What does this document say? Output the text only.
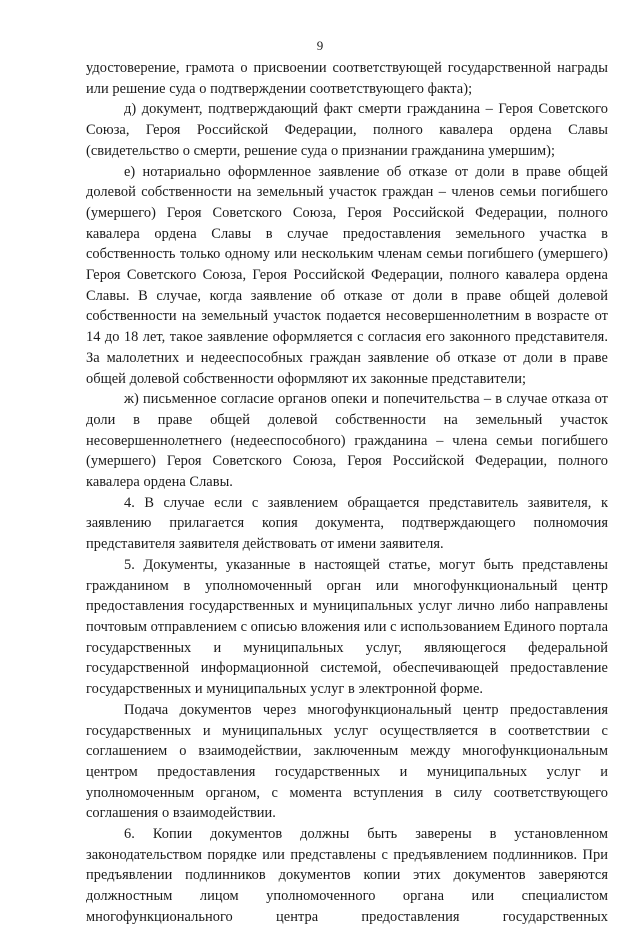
9

удостоверение, грамота о присвоении соответствующей государственной награды или решение суда о подтверждении соответствующего факта);

д) документ, подтверждающий факт смерти гражданина – Героя Советского Союза, Героя Российской Федерации, полного кавалера ордена Славы (свидетельство о смерти, решение суда о признании гражданина умершим);

е) нотариально оформленное заявление об отказе от доли в праве общей долевой собственности на земельный участок граждан – членов семьи погибшего (умершего) Героя Советского Союза, Героя Российской Федерации, полного кавалера ордена Славы в случае предоставления земельного участка в собственность только одному или нескольким членам семьи погибшего (умершего) Героя Советского Союза, Героя Российской Федерации, полного кавалера ордена Славы. В случае, когда заявление об отказе от доли в праве общей долевой собственности на земельный участок подается несовершеннолетним в возрасте от 14 до 18 лет, такое заявление оформляется с согласия его законного представителя. За малолетних и недееспособных граждан заявление об отказе от доли в праве общей долевой собственности оформляют их законные представители;

ж) письменное согласие органов опеки и попечительства – в случае отказа от доли в праве общей долевой собственности на земельный участок несовершеннолетнего (недееспособного) гражданина – члена семьи погибшего (умершего) Героя Советского Союза, Героя Российской Федерации, полного кавалера ордена Славы.

4. В случае если с заявлением обращается представитель заявителя, к заявлению прилагается копия документа, подтверждающего полномочия представителя заявителя действовать от имени заявителя.

5. Документы, указанные в настоящей статье, могут быть представлены гражданином в уполномоченный орган или многофункциональный центр предоставления государственных и муниципальных услуг лично либо направлены почтовым отправлением с описью вложения или с использованием Единого портала государственных и муниципальных услуг, являющегося федеральной государственной информационной системой, обеспечивающей предоставление государственных и муниципальных услуг в электронной форме.

Подача документов через многофункциональный центр предоставления государственных и муниципальных услуг осуществляется в соответствии с соглашением о взаимодействии, заключенным между многофункциональным центром предоставления государственных и муниципальных услуг и уполномоченным органом, с момента вступления в силу соответствующего соглашения о взаимодействии.

6. Копии документов должны быть заверены в установленном законодательством порядке или представлены с предъявлением подлинников. При предъявлении подлинников документов копии этих документов заверяются должностным лицом уполномоченного органа или специалистом многофункционального центра предоставления государственных
